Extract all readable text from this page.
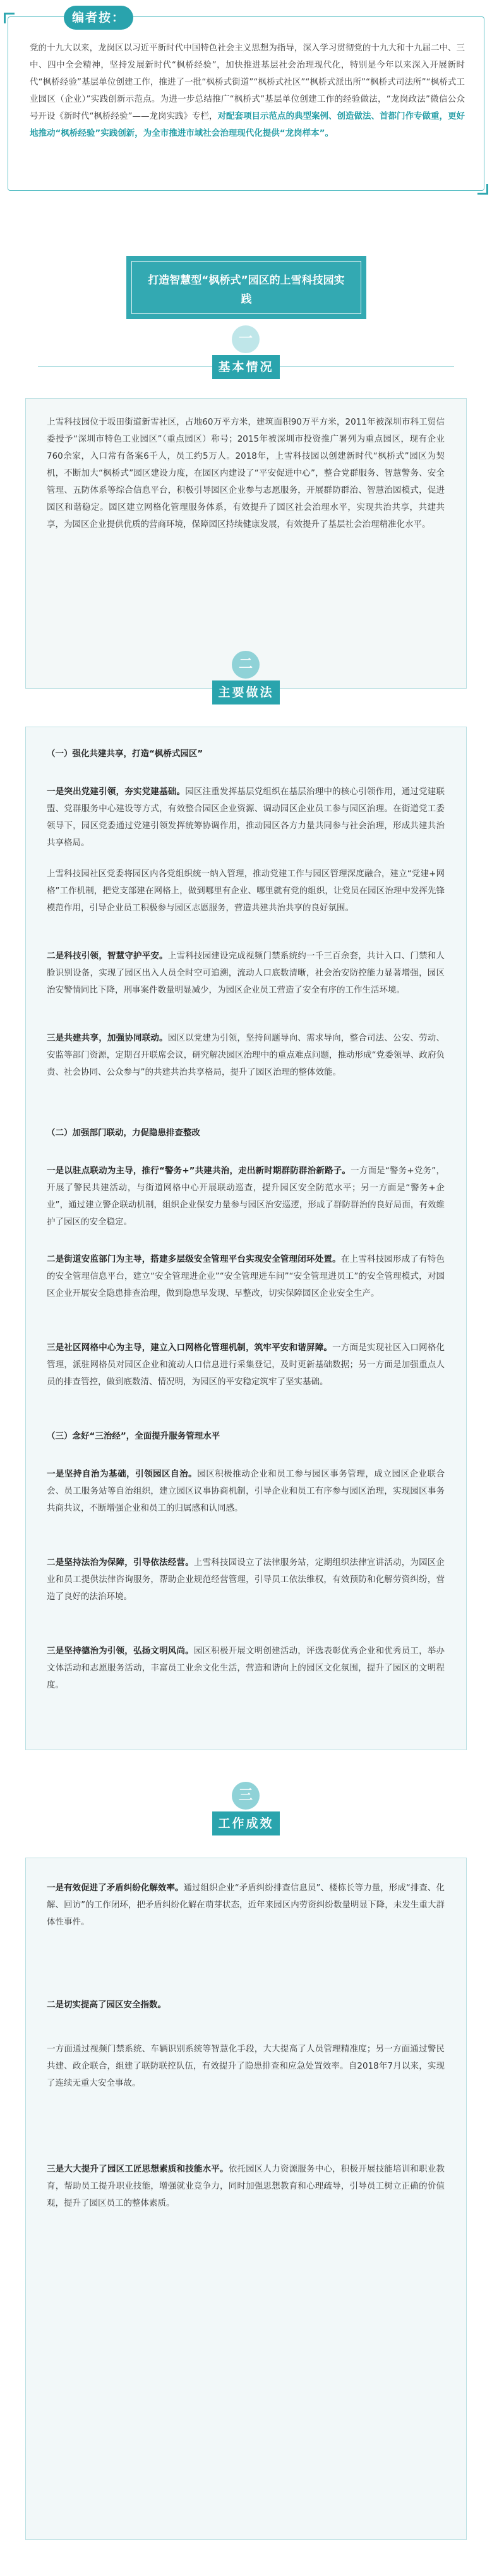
编者按：
党的十九大以来，龙岗区以习近平新时代中国特色社会主义思想为指导，深入学习贯彻党的十九大和十九届二中、三中、四中全会精神，坚持发展新时代“枫桥经验”，加快推进基层社会治理现代化，特别是今年以来深入开展新时代“枫桥经验”基层单位创建工作，推进了一批“枫桥式街道”“枫桥式社区”“枫桥式派出所”“枫桥式司法所”“枫桥式工业园区（企业）”实践创新示范点。为进一步总结推广“枫桥式”基层单位创建工作的经验做法，“龙岗政法”微信公众号开设《新时代“枫桥经验”——龙岗实践》专栏，对配套项目示范点的典型案例、创造做法、首都门作专做重，更好地推动“枫桥经验”实践创新，为全市推进市域社会治理现代化提供“龙岗样本”。
打造智慧型“枫桥式”园区的上雪科技园实践
一
基本情况
上雪科技园位于坂田街道新雪社区，占地60万平方米，建筑面积90万平方米，2011年被深圳市科工贸信委授予“深圳市特色工业园区”（重点园区）称号；2015年被深圳市投资推广署列为重点园区，现有企业760余家，入口常有备案6千人，员工约5万人。2018年，上雪科技园以创建新时代“枫桥式”园区为契机，不断加大“枫桥式”园区建设力度，在园区内建设了“平安促进中心”，整合党群服务、智慧警务、安全管理、五防体系等综合信息平台，积极引导园区企业参与志愿服务，开展群防群治、智慧治园模式，促进园区和谐稳定。园区建立网格化管理服务体系，有效提升了园区社会治理水平，实现共治共享，共建共享，为园区企业提供优质的营商环境，保障园区持续健康发展，有效提升了基层社会治理精准化水平。
二
主要做法
（一）强化共建共享，打造“枫桥式园区”
一是突出党建引领，夯实党建基础。园区注重发挥基层党组织在基层治理中的核心引领作用，通过党建联盟、党群服务中心建设等方式，有效整合园区企业资源、调动园区企业员工参与园区治理。在街道党工委领导下，园区党委通过党建引领发挥统筹协调作用，推动园区各方力量共同参与社会治理，形成共建共治共享格局。
上雪科技园社区党委将园区内各党组织统一纳入管理，推动党建工作与园区管理深度融合，建立“党建+网格”工作机制，把党支部建在网格上，做到哪里有企业、哪里就有党的组织，让党员在园区治理中发挥先锋模范作用，引导企业员工积极参与园区志愿服务，营造共建共治共享的良好氛围。
二是科技引领，智慧守护平安。上雪科技园建设完成视频门禁系统约一千三百余套，共计入口、门禁和人脸识别设备，实现了园区出入人员全时空可追溯，流动人口底数清晰，社会治安防控能力显著增强，园区治安警情同比下降，刑事案件数量明显减少，为园区企业员工营造了安全有序的工作生活环境。
三是共建共享，加强协同联动。园区以党建为引领，坚持问题导向、需求导向，整合司法、公安、劳动、安监等部门资源，定期召开联席会议，研究解决园区治理中的重点难点问题，推动形成“党委领导、政府负责、社会协同、公众参与”的共建共治共享格局，提升了园区治理的整体效能。
（二）加强部门联动，力促隐患排查整改
一是以驻点联动为主导，推行“警务+”共建共治，走出新时期群防群治新路子。一方面是“警务+党务”，开展了警民共建活动，与街道网格中心开展联动巡查，提升园区安全防范水平；另一方面是“警务+企业”，通过建立警企联动机制，组织企业保安力量参与园区治安巡逻，形成了群防群治的良好局面，有效维护了园区的安全稳定。
二是街道安监部门为主导，搭建多层级安全管理平台实现安全管理闭环处置。在上雪科技园形成了有特色的安全管理信息平台，建立“安全管理进企业”“安全管理进车间”“安全管理进员工”的安全管理模式，对园区企业开展安全隐患排查治理，做到隐患早发现、早整改，切实保障园区企业安全生产。
三是社区网格中心为主导，建立入口网格化管理机制，筑牢平安和谐屏障。一方面是实现社区入口网格化管理，派驻网格员对园区企业和流动人口信息进行采集登记，及时更新基础数据；另一方面是加强重点人员的排查管控，做到底数清、情况明，为园区的平安稳定筑牢了坚实基础。
（三）念好“三治经”，全面提升服务管理水平
一是坚持自治为基础，引领园区自治。园区积极推动企业和员工参与园区事务管理，成立园区企业联合会、员工服务站等自治组织，建立园区议事协商机制，引导企业和员工有序参与园区治理，实现园区事务共商共议，不断增强企业和员工的归属感和认同感。
二是坚持法治为保障，引导依法经营。上雪科技园设立了法律服务站，定期组织法律宣讲活动，为园区企业和员工提供法律咨询服务，帮助企业规范经营管理，引导员工依法维权，有效预防和化解劳资纠纷，营造了良好的法治环境。
三是坚持德治为引领，弘扬文明风尚。园区积极开展文明创建活动，评选表彰优秀企业和优秀员工，举办文体活动和志愿服务活动，丰富员工业余文化生活，营造和谐向上的园区文化氛围，提升了园区的文明程度。
三
工作成效
一是有效促进了矛盾纠纷化解效率。通过组织企业“矛盾纠纷排查信息员”、楼栋长等力量，形成“排查、化解、回访”的工作闭环，把矛盾纠纷化解在萌芽状态，近年来园区内劳资纠纷数量明显下降，未发生重大群体性事件。
二是切实提高了园区安全指数。
一方面通过视频门禁系统、车辆识别系统等智慧化手段，大大提高了人员管理精准度；另一方面通过警民共建、政企联合，组建了联防联控队伍，有效提升了隐患排查和应急处置效率。自2018年7月以来，实现了连续无重大安全事故。
三是大大提升了园区工匠思想素质和技能水平。依托园区人力资源服务中心，积极开展技能培训和职业教育，帮助员工提升职业技能，增强就业竞争力，同时加强思想教育和心理疏导，引导员工树立正确的价值观，提升了园区员工的整体素质。
